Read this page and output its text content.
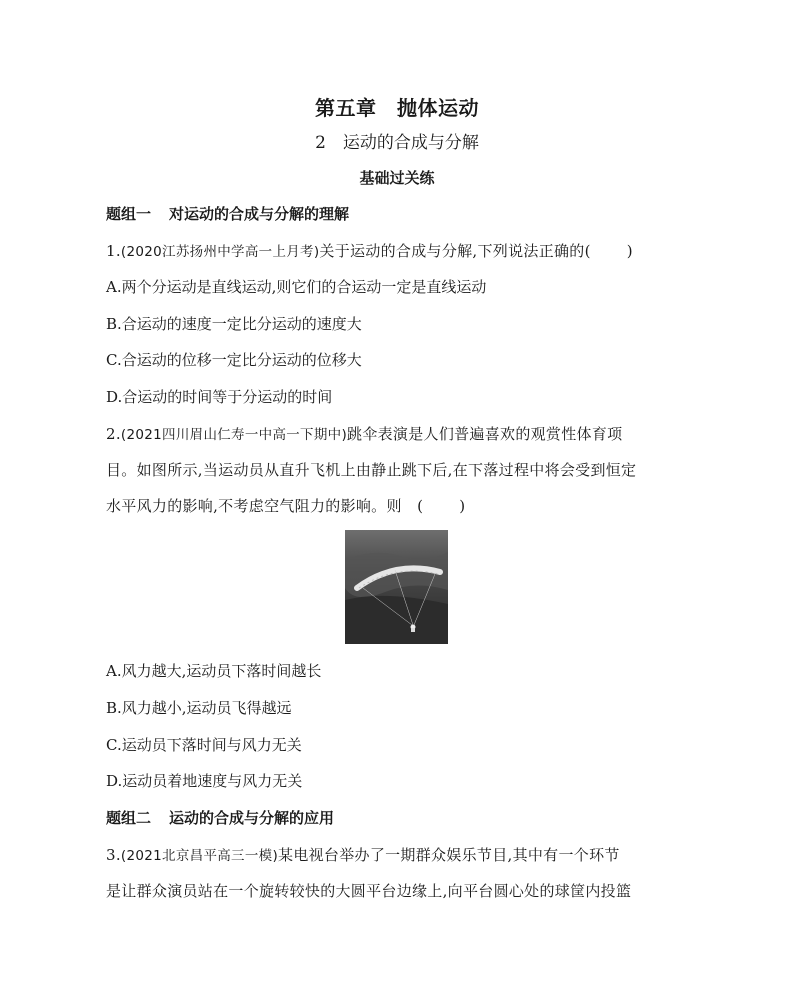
第五章　抛体运动
2　运动的合成与分解
基础过关练
题组一 对运动的合成与分解的理解
1.(2020江苏扬州中学高一上月考)关于运动的合成与分解,下列说法正确的( )
A.两个分运动是直线运动,则它们的合运动一定是直线运动
B.合运动的速度一定比分运动的速度大
C.合运动的位移一定比分运动的位移大
D.合运动的时间等于分运动的时间
2.(2021四川眉山仁寿一中高一下期中)跳伞表演是人们普遍喜欢的观赏性体育项
目。如图所示,当运动员从直升飞机上由静止跳下后,在下落过程中将会受到恒定
水平风力的影响,不考虑空气阻力的影响。则　( )
A.风力越大,运动员下落时间越长
B.风力越小,运动员飞得越远
C.运动员下落时间与风力无关
D.运动员着地速度与风力无关
题组二 运动的合成与分解的应用
3.(2021北京昌平高三一模)某电视台举办了一期群众娱乐节目,其中有一个环节
是让群众演员站在一个旋转较快的大圆平台边缘上,向平台圆心处的球筐内投篮
